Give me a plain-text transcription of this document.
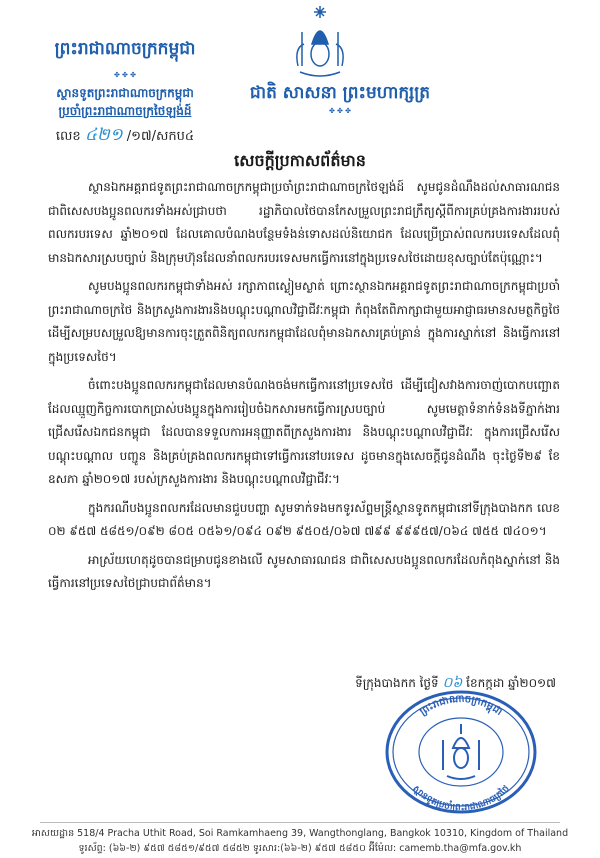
ព្រះរាជាណាចក្រកម្ពុជា
✤ ✤ ✤
ស្ថានទូតព្រះរាជាណាចក្រកម្ពុជា
ប្រចាំព្រះរាជាណាចក្រថៃឡង់ដ៍
លេខ ៤២១ /១៧/សកប៤
ជាតិ សាសនា ព្រះមហាក្សត្រ
✤ ✤ ✤
សេចក្ដីប្រកាសព័ត៌មាន

ស្ថានឯកអគ្គរាជទូតព្រះរាជាណាចក្រកម្ពុជាប្រចាំព្រះរាជាណាចក្រថៃឡង់ដ៍ សូមជូនដំណឹងដល់សាធារណជន ជាពិសេសបងប្អូនពលករទាំងអស់ជ្រាបថា រដ្ឋាភិបាលថៃបានកែសម្រួលព្រះរាជក្រឹត្យស្ដីពីការគ្រប់គ្រងការងាររបស់ពលករបរទេស ឆ្នាំ២០១៧ ដែលគោលបំណងបន្ថែមទំងន់ទោសដល់និយោជក ដែលប្រើប្រាស់ពលករបរទេសដែលពុំមានឯកសារស្របច្បាប់ និងក្រុមហ៊ុនដែលនាំពលករបរទេសមកធ្វើការនៅក្នុងប្រទេសថៃដោយខុសច្បាប់តែប៉ុណ្ណោះ។

សូមបងប្អូនពលករកម្ពុជាទាំងអស់ រក្សាភាពស្ងៀមស្ងាត់ ព្រោះស្ថានឯកអគ្គរាជទូតព្រះរាជាណាចក្រកម្ពុជាប្រចាំព្រះរាជាណាចក្រថៃ និងក្រសួងការងារនិងបណ្តុះបណ្តាលវិជ្ជាជីវៈកម្ពុជា កំពុងតែពិភាក្សាជាមួយអាជ្ញាធរមានសមត្ថកិច្ចថៃ ដើម្បីសម្របសម្រួលឱ្យមានការចុះត្រួតពិនិត្យពលករកម្ពុជាដែលពុំមានឯកសារគ្រប់គ្រាន់ ក្នុងការស្នាក់នៅ និងធ្វើការនៅក្នុងប្រទេសថៃ។

ចំពោះបងប្អូនពលករកម្ពុជាដែលមានបំណងចង់មកធ្វើការនៅប្រទេសថៃ ដើម្បីជៀសវាងការចាញ់បោកបញ្ឆោតដែលឈ្មួញកិច្ចការបោកប្រាស់បងប្អូនក្នុងការរៀបចំឯកសារមកធ្វើការស្របច្បាប់ សូមមេត្តាទំនាក់ទំនងទីភ្នាក់ងារជ្រើសរើសឯកជនកម្ពុជា ដែលបានទទួលការអនុញ្ញាតពីក្រសួងការងារ និងបណ្តុះបណ្តាលវិជ្ជាជីវៈ ក្នុងការជ្រើសរើស បណ្តុះបណ្តាល បញ្ជូន និងគ្រប់គ្រងពលករកម្ពុជាទៅធ្វើការនៅបរទេស ដូចមានក្នុងសេចក្តីជូនដំណឹង ចុះថ្ងៃទី២៩ ខែឧសភា ឆ្នាំ២០១៧ របស់ក្រសួងការងារ និងបណ្តុះបណ្តាលវិជ្ជាជីវៈ។

ក្នុងករណីបងប្អូនពលករដែលមានជួបបញ្ហា សូមទាក់ទងមកទូរស័ព្ទមន្ត្រីស្ថានទូតកម្ពុជានៅទីក្រុងបាងកក លេខ ០២ ៩៥៧ ៥៨៥១/០៩២ ៨០៥ ០៥៦១/០៩៤ ០៩២ ៩៥០៥/០៦៧ ៧៩៩ ៩៩៩៥៧/០៦៤ ៧៥៥ ៧៤០១។

អាស្រ័យហេតុដូចបានជម្រាបជូនខាងលើ សូមសាធារណជន ជាពិសេសបងប្អូនពលករដែលកំពុងស្នាក់នៅ និងធ្វើការនៅប្រទេសថៃជ្រាបជាព័ត៌មាន។

ទីក្រុងបាងកក ថ្ងៃទី ០៦ ខែកក្កដា ឆ្នាំ២០១៧
ព្រះរាជាណាចក្រកម្ពុជា
ស្ថានទូតប្រចាំព្រះរាជាណាចក្រថៃ
អាសយដ្ឋាន 518/4 Pracha Uthit Road, Soi Ramkamhaeng 39, Wangthonglang, Bangkok 10310, Kingdom of Thailand
ទូរស័ព្ទ: (៦៦-២) ៩៥៧ ៥៨៥១/៩៥៧ ៥៨៥២ ទូរសារ:(៦៦-២) ៩៥៧ ៥៨៥០ អ៊ីម៉ែល: camemb.tha@mfa.gov.kh
